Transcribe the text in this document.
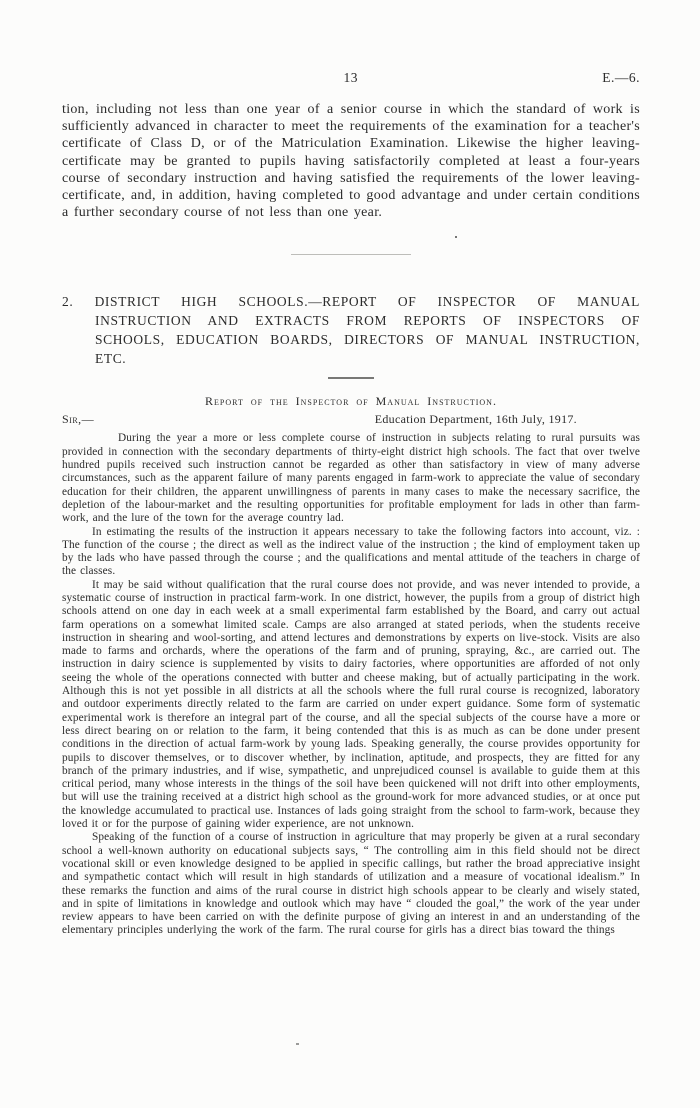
13	E.—6.

tion, including not less than one year of a senior course in which the standard of work is sufficiently advanced in character to meet the requirements of the examination for a teacher's certificate of Class D, or of the Matriculation Examination. Likewise the higher leaving-certificate may be granted to pupils having satisfactorily completed at least a four-years course of secondary instruction and having satisfied the requirements of the lower leaving-certificate, and, in addition, having completed to good advantage and under certain conditions a further secondary course of not less than one year.

2. DISTRICT HIGH SCHOOLS.—REPORT OF INSPECTOR OF MANUAL INSTRUCTION AND EXTRACTS FROM REPORTS OF INSPECTORS OF SCHOOLS, EDUCATION BOARDS, DIRECTORS OF MANUAL INSTRUCTION, ETC.
Report of the Inspector of Manual Instruction.
Sir,—	Education Department, 16th July, 1917.

During the year a more or less complete course of instruction in subjects relating to rural pursuits was provided in connection with the secondary departments of thirty-eight district high schools. The fact that over twelve hundred pupils received such instruction cannot be regarded as other than satisfactory in view of many adverse circumstances, such as the apparent failure of many parents engaged in farm-work to appreciate the value of secondary education for their children, the apparent unwillingness of parents in many cases to make the necessary sacrifice, the depletion of the labour-market and the resulting opportunities for profitable employment for lads in other than farm-work, and the lure of the town for the average country lad.

In estimating the results of the instruction it appears necessary to take the following factors into account, viz. : The function of the course ; the direct as well as the indirect value of the instruction ; the kind of employment taken up by the lads who have passed through the course ; and the qualifications and mental attitude of the teachers in charge of the classes.

It may be said without qualification that the rural course does not provide, and was never intended to provide, a systematic course of instruction in practical farm-work. In one district, however, the pupils from a group of district high schools attend on one day in each week at a small experimental farm established by the Board, and carry out actual farm operations on a somewhat limited scale. Camps are also arranged at stated periods, when the students receive instruction in shearing and wool-sorting, and attend lectures and demonstrations by experts on live-stock. Visits are also made to farms and orchards, where the operations of the farm and of pruning, spraying, &c., are carried out. The instruction in dairy science is supplemented by visits to dairy factories, where opportunities are afforded of not only seeing the whole of the operations connected with butter and cheese making, but of actually participating in the work. Although this is not yet possible in all districts at all the schools where the full rural course is recognized, laboratory and outdoor experiments directly related to the farm are carried on under expert guidance. Some form of systematic experimental work is therefore an integral part of the course, and all the special subjects of the course have a more or less direct bearing on or relation to the farm, it being contended that this is as much as can be done under present conditions in the direction of actual farm-work by young lads. Speaking generally, the course provides opportunity for pupils to discover themselves, or to discover whether, by inclination, aptitude, and prospects, they are fitted for any branch of the primary industries, and if wise, sympathetic, and unprejudiced counsel is available to guide them at this critical period, many whose interests in the things of the soil have been quickened will not drift into other employments, but will use the training received at a district high school as the ground-work for more advanced studies, or at once put the knowledge accumulated to practical use. Instances of lads going straight from the school to farm-work, because they loved it or for the purpose of gaining wider experience, are not unknown.

Speaking of the function of a course of instruction in agriculture that may properly be given at a rural secondary school a well-known authority on educational subjects says, “ The controlling aim in this field should not be direct vocational skill or even knowledge designed to be applied in specific callings, but rather the broad appreciative insight and sympathetic contact which will result in high standards of utilization and a measure of vocational idealism.” In these remarks the function and aims of the rural course in district high schools appear to be clearly and wisely stated, and in spite of limitations in knowledge and outlook which may have “ clouded the goal,” the work of the year under review appears to have been carried on with the definite purpose of giving an interest in and an understanding of the elementary principles underlying the work of the farm. The rural course for girls has a direct bias toward the things
